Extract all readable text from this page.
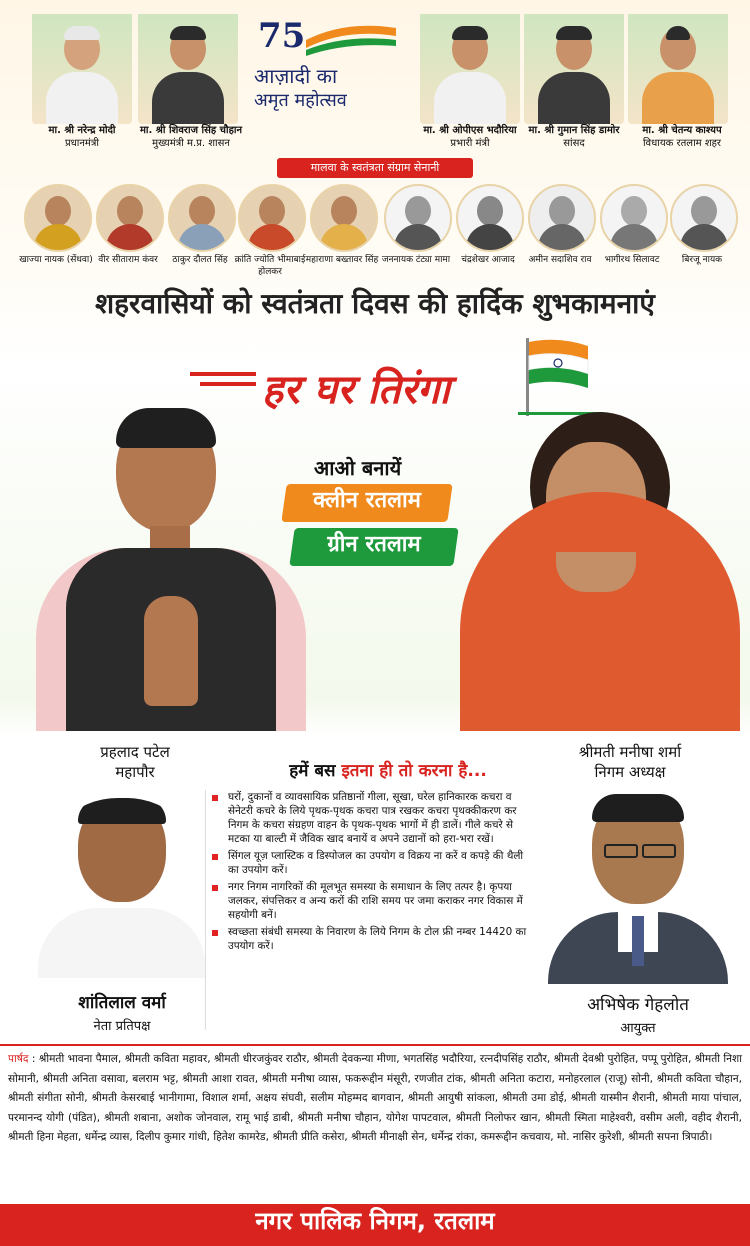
मा. श्री नरेन्द्र मोदी
प्रधानमंत्री
मा. श्री शिवराज सिंह चौहान
मुख्यमंत्री म.प्र. शासन
75
आज़ादी का
अमृत महोत्सव
मा. श्री ओपीएस भदौरिया
प्रभारी मंत्री
मा. श्री गुमान सिंह डामोर
सांसद
मा. श्री चेतन्य काश्यप
विधायक रतलाम शहर
मालवा के स्वतंत्रता संग्राम सेनानी
खाज्या नायक (सेंधवा) वीर सीताराम कंवर	ठाकुर दौलत सिंह क्रांति ज्योति भीमाबाई होलकर
महाराणा बख्तावर सिंह जननायक टंट्या मामा	चंद्रशेखर आजाद	अमीन सदाशिव राव	भागीरथ सिलावट	बिरजू नायक
शहरवासियों को स्वतंत्रता दिवस की हार्दिक शुभकामनाएं
हर घर तिरंगा
आओ बनायें
क्लीन रतलाम
ग्रीन रतलाम
प्रहलाद पटेल
महापौर
श्रीमती मनीषा शर्मा
निगम अध्यक्ष
शांतिलाल वर्मा
नेता प्रतिपक्ष
अभिषेक गेहलोत
आयुक्त
हमें बस इतना ही तो करना है...
घरों, दुकानों व व्यावसायिक प्रतिष्ठानों गीला, सूखा, घरेल हानिकारक कचरा व सेनेटरी कचरे के लिये पृथक-पृथक कचरा पात्र रखकर कचरा पृथक्कीकरण कर निगम के कचरा संग्रहण वाहन के पृथक-पृथक भागों में ही डालें। गीले कचरे से मटका या बाल्टी में जैविक खाद बनायें व अपने उद्यानों को हरा-भरा रखें।
सिंगल यूज़ प्लास्टिक व डिस्पोजल का उपयोग व विक्रय ना करें व कपड़े की थैली का उपयोग करें।
नगर निगम नागरिकों की मूलभूत समस्या के समाधान के लिए तत्पर है। कृपया जलकर, संपत्तिकर व अन्य करों की राशि समय पर जमा कराकर नगर विकास में सहयोगी बनें।
स्वच्छता संबंधी समस्या के निवारण के लिये निगम के टोल फ्री नम्बर 14420 का उपयोग करें।
पार्षद : श्रीमती भावना पैमाल, श्रीमती कविता महावर, श्रीमती धीरजकुंवर राठौर, श्रीमती देवकन्या मीणा, भगतसिंह भदौरिया, रत्नदीपसिंह राठौर, श्रीमती देवश्री पुरोहित, पप्पू पुरोहित, श्रीमती निशा सोमानी, श्रीमती अनिता वसावा, बलराम भट्ट, श्रीमती आशा रावत, श्रीमती मनीषा व्यास, फकरूद्दीन मंसूरी, रणजीत टांक, श्रीमती अनिता कटारा, मनोहरलाल (राजू) सोनी, श्रीमती कविता चौहान, श्रीमती संगीता सोनी, श्रीमती केसरबाई भानीगामा, विशाल शर्मा, अक्षय संघवी, सलीम मोहम्मद बागवान, श्रीमती आयुषी सांकला, श्रीमती उमा डोई, श्रीमती यास्मीन शैरानी, श्रीमती माया पांचाल, परमानन्द योगी (पंडित), श्रीमती शबाना, अशोक जोनवाल, रामू भाई डाबी, श्रीमती मनीषा चौहान, योगेश पापटवाल, श्रीमती निलोफर खान, श्रीमती स्मिता माहेश्वरी, वसीम अली, वहीद शैरानी, श्रीमती हिना मेहता, धर्मेन्द्र व्यास, दिलीप कुमार गांधी, हितेश कामरेड, श्रीमती प्रीति कसेरा, श्रीमती मीनाक्षी सेन, धर्मेन्द्र रांका, कमरूद्दीन कचवाय, मो. नासिर कुरेशी, श्रीमती सपना त्रिपाठी।
नगर पालिक निगम, रतलाम
